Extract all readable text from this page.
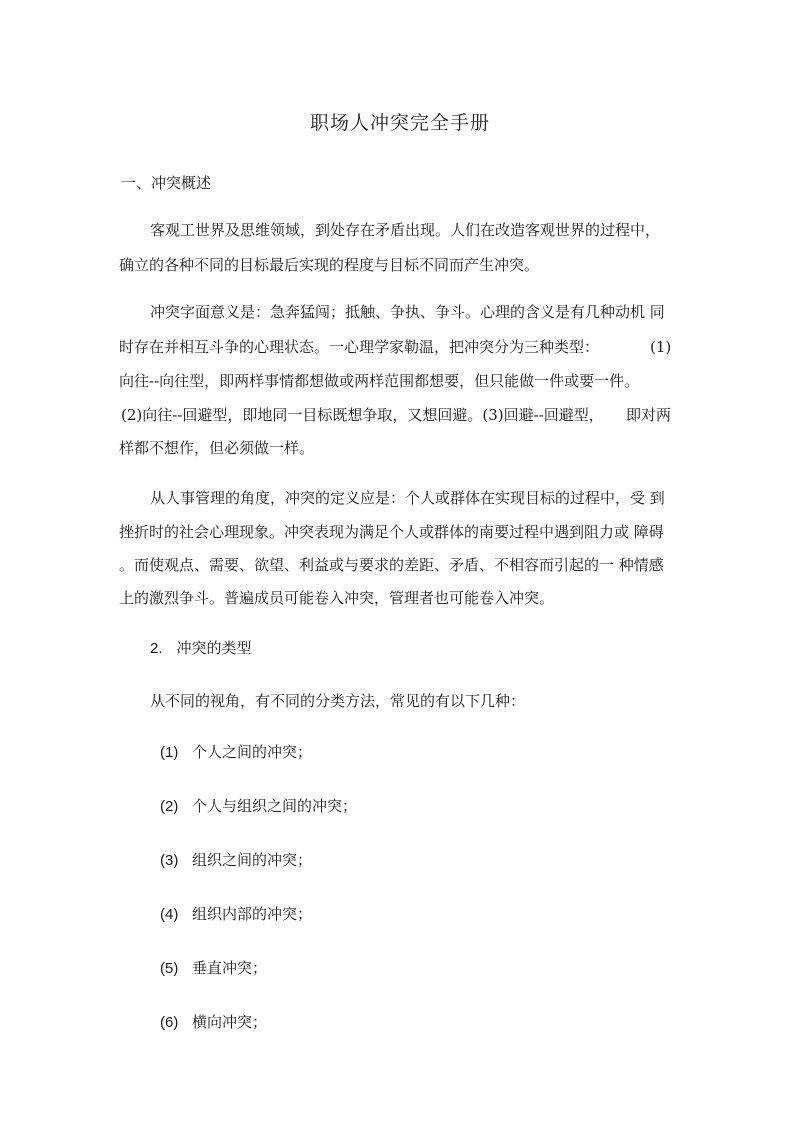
职场人冲突完全手册
一、冲突概述
客观工世界及思维领域，到处存在矛盾出现。人们在改造客观世界的过程中，
确立的各种不同的目标最后实现的程度与目标不同而产生冲突。
冲突字面意义是：急奔猛闯；抵触、争执、争斗。心理的含义是有几种动机 同
时存在并相互斗争的心理状态。一心理学家勒温，把冲突分为三种类型：	(1)
向往--向往型，即两样事情都想做或两样范围都想要，但只能做一件或要一件。
(2)向往--回避型，即地同一目标既想争取，又想回避。(3)回避--回避型， 即对两
样都不想作，但必须做一样。
从人事管理的角度，冲突的定义应是：个人或群体在实现目标的过程中，受 到
挫折时的社会心理现象。冲突表现为满足个人或群体的南要过程中遇到阻力或 障碍
。而使观点、需要、欲望、利益或与要求的差距、矛盾、不相容而引起的一 种情感
上的激烈争斗。普遍成员可能卷入冲突，管理者也可能卷入冲突。
2. 冲突的类型
从不同的视角，有不同的分类方法，常见的有以下几种：
(1) 个人之间的冲突；
(2) 个人与组织之间的冲突；
(3) 组织之间的冲突；
(4) 组织内部的冲突；
(5) 垂直冲突；
(6) 横向冲突；
